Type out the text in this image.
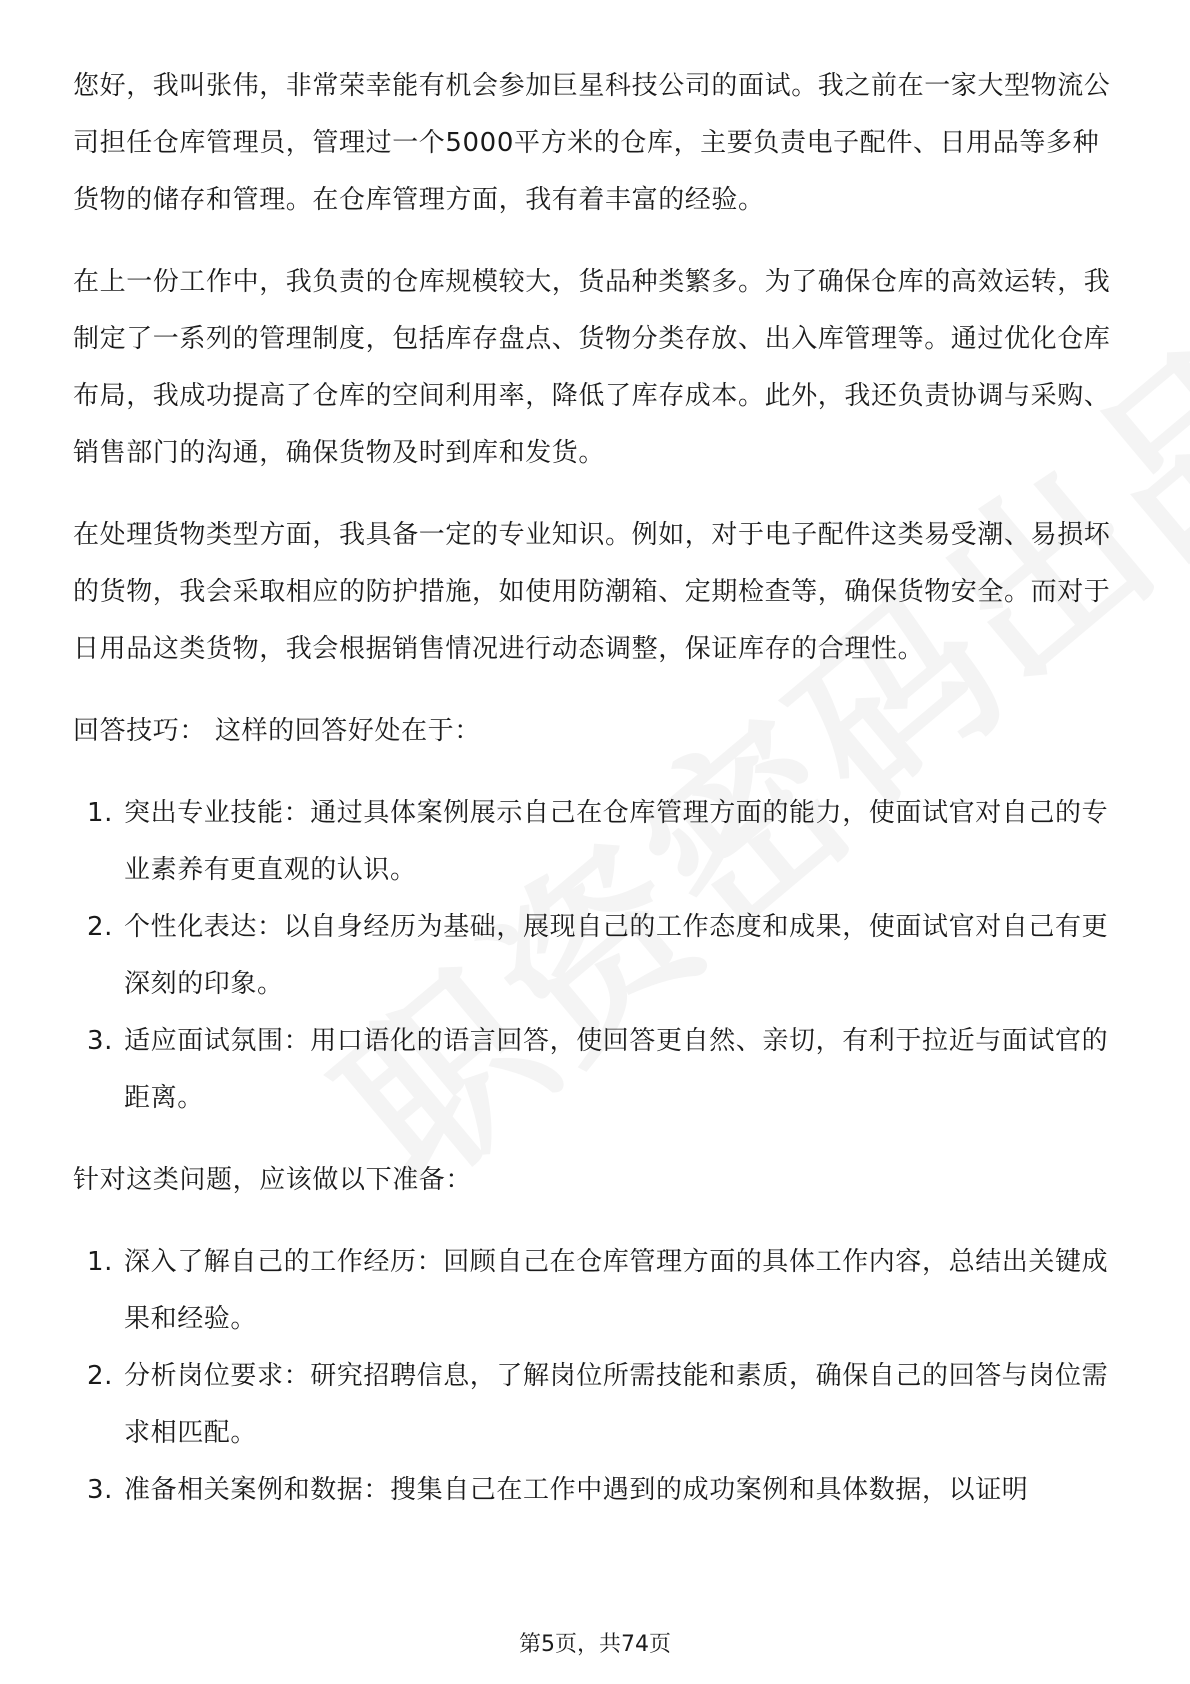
您好，我叫张伟，非常荣幸能有机会参加巨星科技公司的面试。我之前在一家大型物流公司担任仓库管理员，管理过一个5000平方米的仓库，主要负责电子配件、日用品等多种货物的储存和管理。在仓库管理方面，我有着丰富的经验。

在上一份工作中，我负责的仓库规模较大，货品种类繁多。为了确保仓库的高效运转，我制定了一系列的管理制度，包括库存盘点、货物分类存放、出入库管理等。通过优化仓库布局，我成功提高了仓库的空间利用率，降低了库存成本。此外，我还负责协调与采购、销售部门的沟通，确保货物及时到库和发货。

在处理货物类型方面，我具备一定的专业知识。例如，对于电子配件这类易受潮、易损坏的货物，我会采取相应的防护措施，如使用防潮箱、定期检查等，确保货物安全。而对于日用品这类货物，我会根据销售情况进行动态调整，保证库存的合理性。

回答技巧： 这样的回答好处在于：

1. 突出专业技能：通过具体案例展示自己在仓库管理方面的能力，使面试官对自己的专业素养有更直观的认识。
2. 个性化表达：以自身经历为基础，展现自己的工作态度和成果，使面试官对自己有更深刻的印象。
3. 适应面试氛围：用口语化的语言回答，使回答更自然、亲切，有利于拉近与面试官的距离。

针对这类问题，应该做以下准备：

1. 深入了解自己的工作经历：回顾自己在仓库管理方面的具体工作内容，总结出关键成果和经验。
2. 分析岗位要求：研究招聘信息，了解岗位所需技能和素质，确保自己的回答与岗位需求相匹配。
3. 准备相关案例和数据：搜集自己在工作中遇到的成功案例和具体数据，以证明
第5页，共74页
